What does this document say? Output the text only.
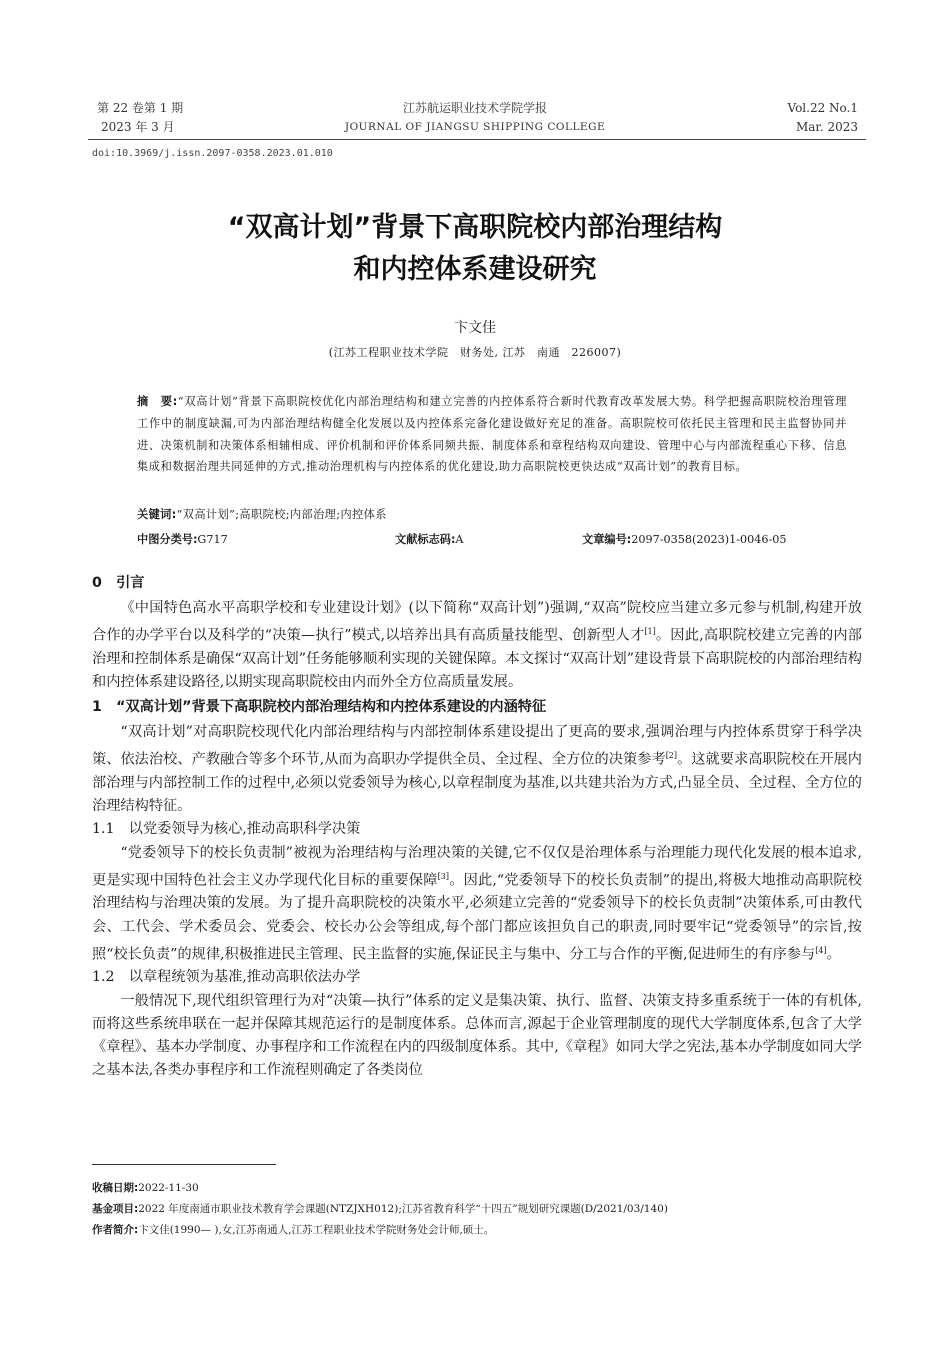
第 22 卷第 1 期
2023 年 3 月
江苏航运职业技术学院学报
JOURNAL OF JIANGSU SHIPPING COLLEGE
Vol.22 No.1
Mar. 2023
doi:10.3969/j.issn.2097-0358.2023.01.010
“双高计划”背景下高职院校内部治理结构
和内控体系建设研究
卞文佳
(江苏工程职业技术学院　财务处, 江苏　南通　226007)
摘　要:“双高计划”背景下高职院校优化内部治理结构和建立完善的内控体系符合新时代教育改革发展大势。科学把握高职院校治理管理工作中的制度缺漏,可为内部治理结构健全化发展以及内控体系完备化建设做好充足的准备。高职院校可依托民主管理和民主监督协同并进、决策机制和决策体系相辅相成、评价机制和评价体系同频共振、制度体系和章程结构双向建设、管理中心与内部流程重心下移、信息集成和数据治理共同延伸的方式,推动治理机构与内控体系的优化建设,助力高职院校更快达成“双高计划”的教育目标。
关键词:“双高计划”;高职院校;内部治理;内控体系
中图分类号:G717	文献标志码:A	文章编号:2097-0358(2023)1-0046-05
0　 引言

《中国特色高水平高职学校和专业建设计划》(以下简称“双高计划”)强调,“双高”院校应当建立多元参与机制,构建开放合作的办学平台以及科学的“决策—执行”模式,以培养出具有高质量技能型、创新型人才[1]。因此,高职院校建立完善的内部治理和控制体系是确保“双高计划”任务能够顺利实现的关键保障。本文探讨“双高计划”建设背景下高职院校的内部治理结构和内控体系建设路径,以期实现高职院校由内而外全方位高质量发展。

1　 “双高计划”背景下高职院校内部治理结构和内控体系建设的内涵特征

“双高计划”对高职院校现代化内部治理结构与内部控制体系建设提出了更高的要求,强调治理与内控体系贯穿于科学决策、依法治校、产教融合等多个环节,从而为高职办学提供全员、全过程、全方位的决策参考[2]。这就要求高职院校在开展内部治理与内部控制工作的过程中,必须以党委领导为核心,以章程制度为基准,以共建共治为方式,凸显全员、全过程、全方位的治理结构特征。

1.1　以党委领导为核心,推动高职科学决策

“党委领导下的校长负责制”被视为治理结构与治理决策的关键,它不仅仅是治理体系与治理能力现代化发展的根本追求,更是实现中国特色社会主义办学现代化目标的重要保障[3]。因此,“党委领导下的校长负责制”的提出,将极大地推动高职院校治理结构与治理决策的发展。为了提升高职院校的决策水平,必须建立完善的“党委领导下的校长负责制”决策体系,可由教代会、工代会、学术委员会、党委会、校长办公会等组成,每个部门都应该担负自己的职责,同时要牢记“党委领导”的宗旨,按照“校长负责”的规律,积极推进民主管理、民主监督的实施,保证民主与集中、分工与合作的平衡,促进师生的有序参与[4]。

1.2　以章程统领为基准,推动高职依法办学

一般情况下,现代组织管理行为对“决策—执行”体系的定义是集决策、执行、监督、决策支持多重系统于一体的有机体,而将这些系统串联在一起并保障其规范运行的是制度体系。总体而言,源起于企业管理制度的现代大学制度体系,包含了大学《章程》、基本办学制度、办事程序和工作流程在内的四级制度体系。其中,《章程》如同大学之宪法,基本办学制度如同大学之基本法,各类办事程序和工作流程则确定了各类岗位

收稿日期:2022-11-30
基金项目:2022 年度南通市职业技术教育学会课题(NTZJXH012);江苏省教育科学“十四五”规划研究课题(D/2021/03/140)
作者简介:卞文佳(1990— ),女,江苏南通人,江苏工程职业技术学院财务处会计师,硕士。
